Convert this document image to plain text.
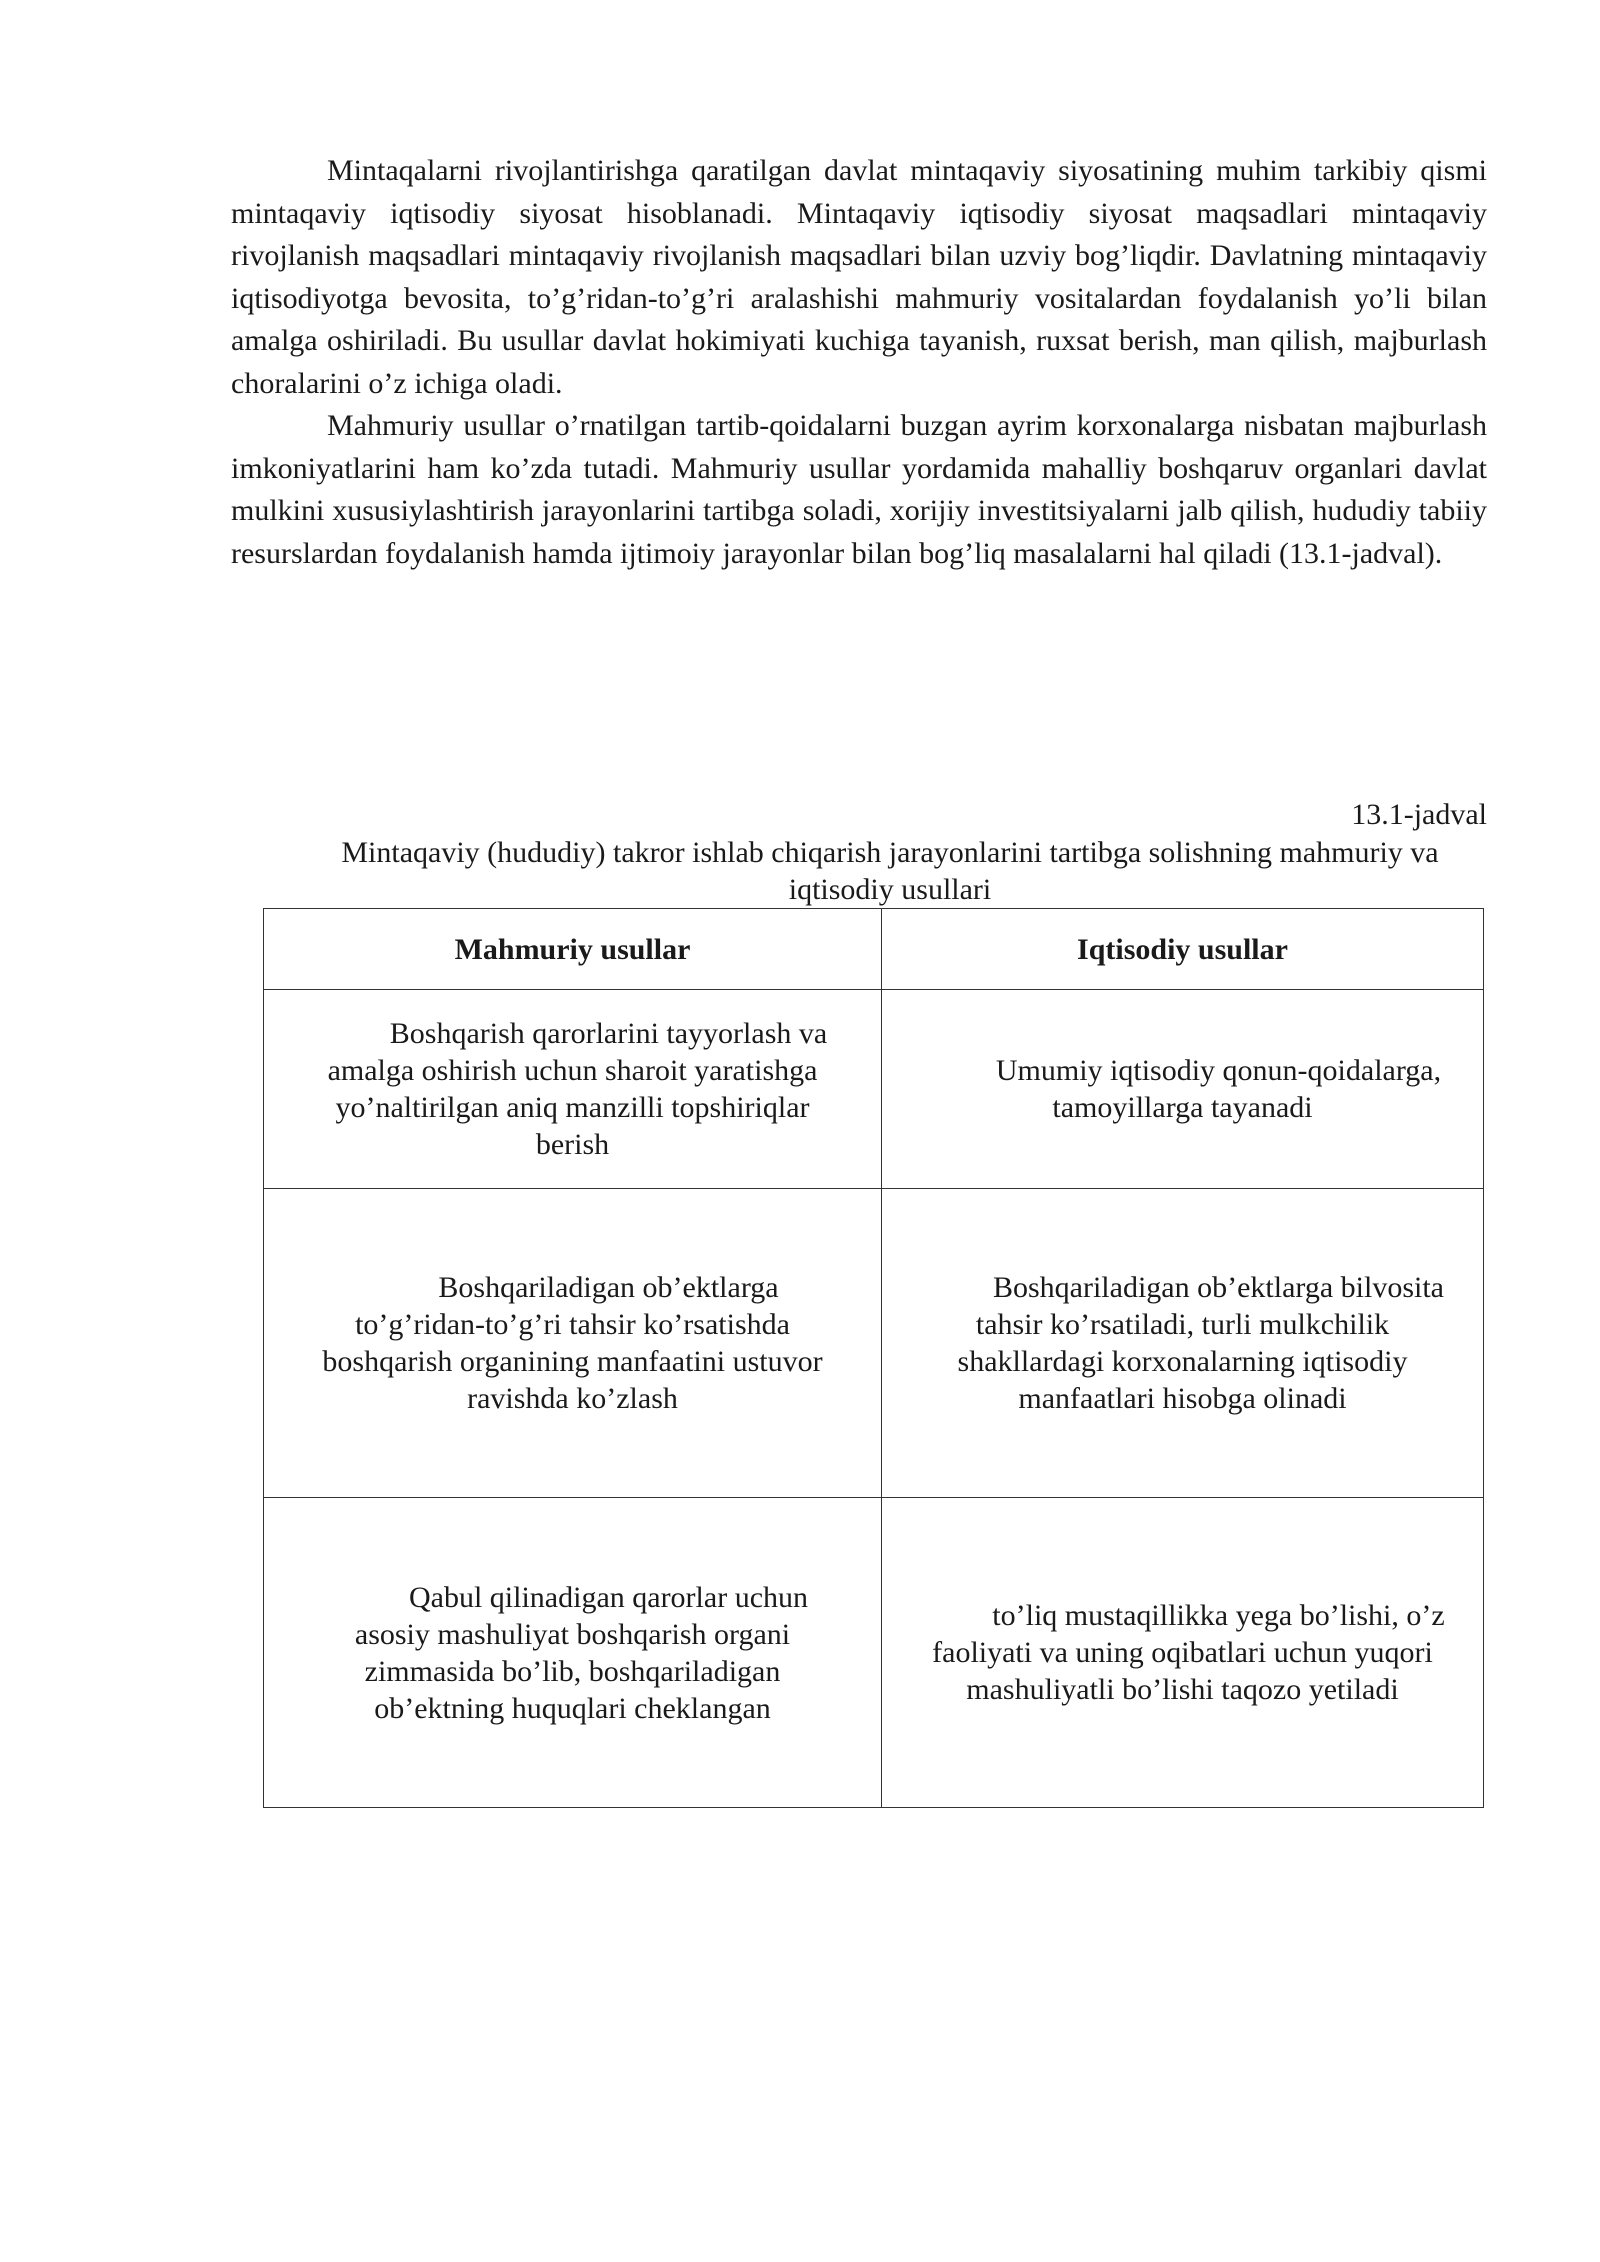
Mintaqalarni rivojlantirishga qaratilgan davlat mintaqaviy siyosatining muhim tarkibiy qismi mintaqaviy iqtisodiy siyosat hisoblanadi. Mintaqaviy iqtisodiy siyosat maqsadlari mintaqaviy rivojlanish maqsadlari mintaqaviy rivojlanish maqsadlari bilan uzviy bog’liqdir. Davlatning mintaqaviy iqtisodiyotga bevosita, to’g’ridan-to’g’ri aralashishi mahmuriy vositalardan foydalanish yo’li bilan amalga oshiriladi. Bu usullar davlat hokimiyati kuchiga tayanish, ruxsat berish, man qilish, majburlash choralarini o’z ichiga oladi.

Mahmuriy usullar o’rnatilgan tartib-qoidalarni buzgan ayrim korxonalarga nisbatan majburlash imkoniyatlarini ham ko’zda tutadi. Mahmuriy usullar yordamida mahalliy boshqaruv organlari davlat mulkini xususiylashtirish jarayonlarini tartibga soladi, xorijiy investitsiyalarni jalb qilish, hududiy tabiiy resurslardan foydalanish hamda ijtimoiy jarayonlar bilan bog’liq masalalarni hal qiladi (13.1-jadval).

13.1-jadval
Mintaqaviy (hududiy) takror ishlab chiqarish jarayonlarini tartibga solishning mahmuriy va iqtisodiy usullari
Mahmuriy usullar	Iqtisodiy usullar

Boshqarish qarorlarini tayyorlash va amalga oshirish uchun sharoit yaratishga yo’naltirilgan aniq manzilli topshiriqlar berish	Umumiy iqtisodiy qonun-qoidalarga, tamoyillarga tayanadi

Boshqariladigan ob’ektlarga to’g’ridan-to’g’ri tahsir ko’rsatishda boshqarish organining manfaatini ustuvor ravishda ko’zlash	Boshqariladigan ob’ektlarga bilvosita tahsir ko’rsatiladi, turli mulkchilik shakllardagi korxonalarning iqtisodiy manfaatlari hisobga olinadi

Qabul qilinadigan qarorlar uchun asosiy mashuliyat boshqarish organi zimmasida bo’lib, boshqariladigan ob’ektning huquqlari cheklangan	to’liq mustaqillikka yega bo’lishi, o’z faoliyati va uning oqibatlari uchun yuqori mashuliyatli bo’lishi taqozo yetiladi
